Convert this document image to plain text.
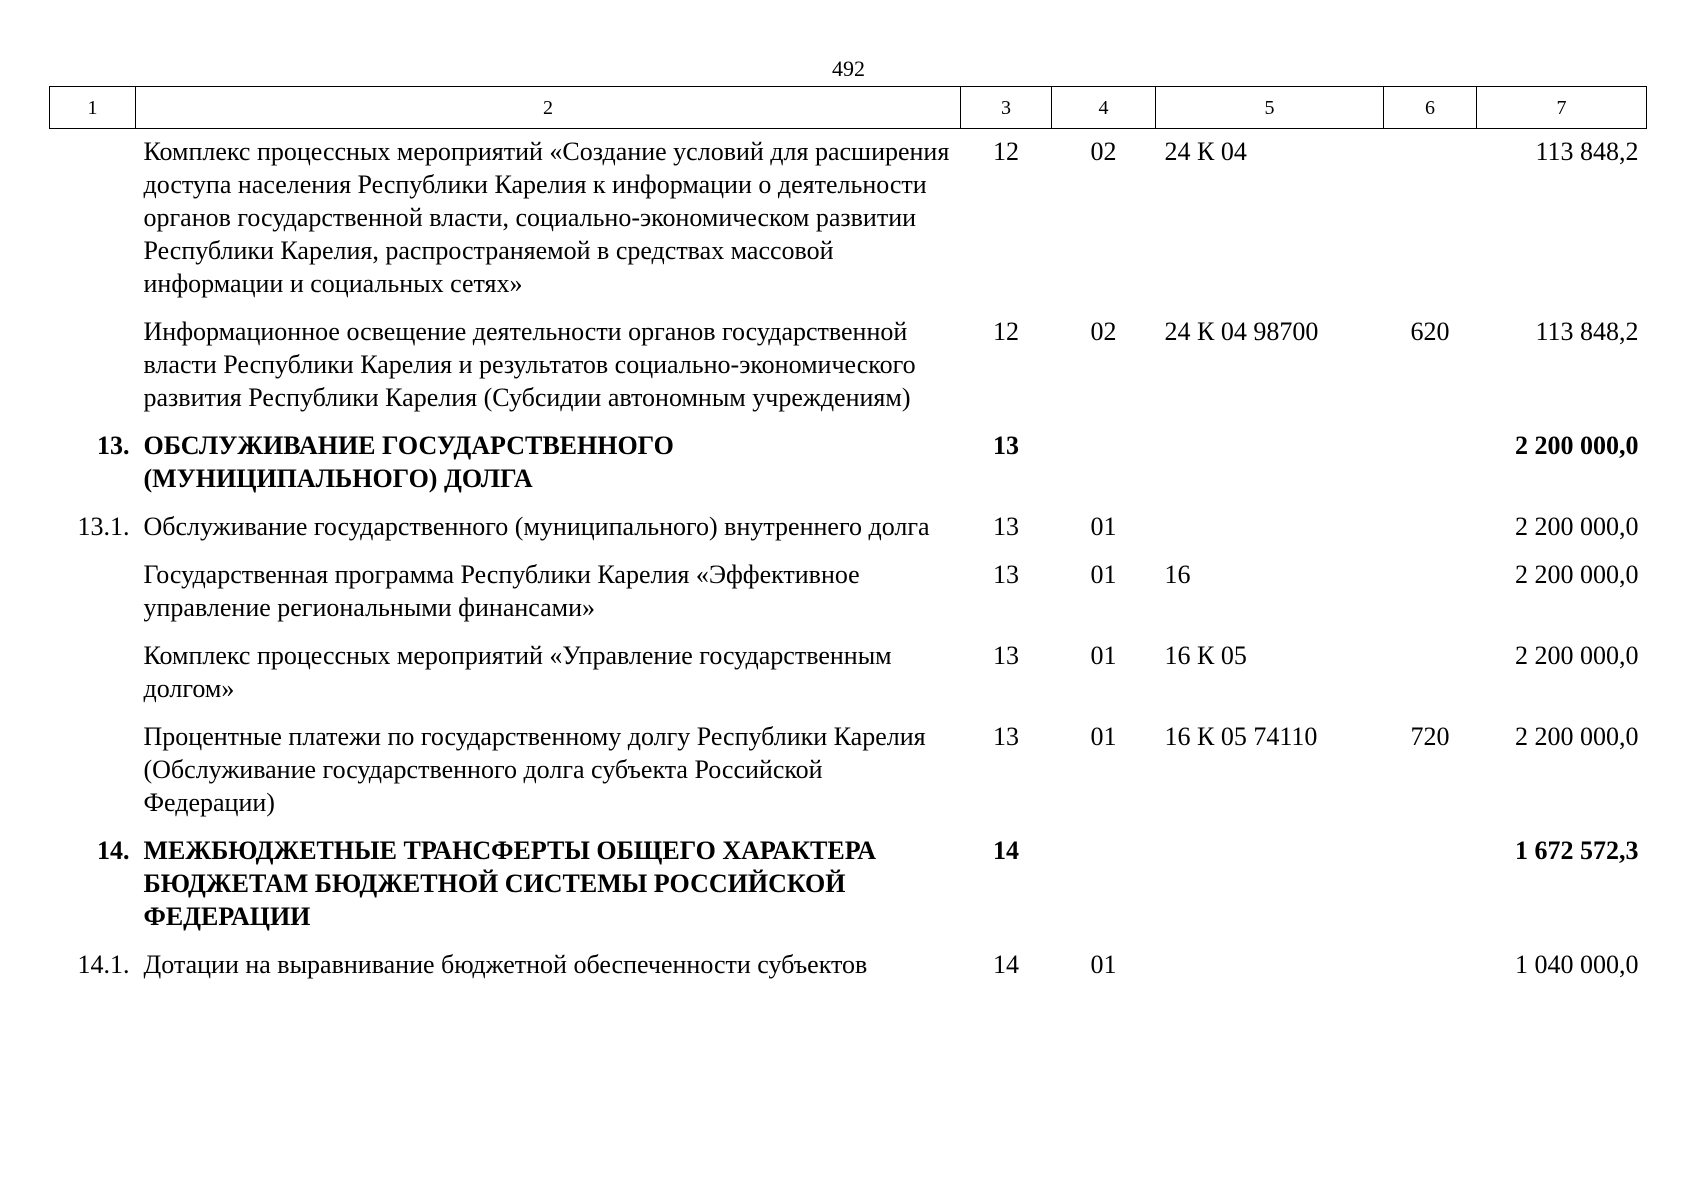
492
1	2	3	4	5	6	7
	Комплекс процессных мероприятий «Создание условий для расширения доступа населения Республики Карелия к информации о деятельности органов государственной власти, социально-экономическом развитии Республики Карелия, распространяемой в средствах массовой информации и социальных сетях»	12	02	24 К 04		113 848,2
	Информационное освещение деятельности органов государственной власти Республики Карелия и результатов социально-экономического развития Республики Карелия (Субсидии автономным учреждениям)	12	02	24 К 04 98700	620	113 848,2
13.	ОБСЛУЖИВАНИЕ ГОСУДАРСТВЕННОГО (МУНИЦИПАЛЬНОГО) ДОЛГА	13				2 200 000,0
13.1.	Обслуживание государственного (муниципального) внутреннего долга	13	01			2 200 000,0
	Государственная программа Республики Карелия «Эффективное управление региональными финансами»	13	01	16		2 200 000,0
	Комплекс процессных мероприятий «Управление государственным долгом»	13	01	16 К 05		2 200 000,0
	Процентные платежи по государственному долгу Республики Карелия (Обслуживание государственного долга субъекта Российской Федерации)	13	01	16 К 05 74110	720	2 200 000,0
14.	МЕЖБЮДЖЕТНЫЕ ТРАНСФЕРТЫ ОБЩЕГО ХАРАКТЕРА БЮДЖЕТАМ БЮДЖЕТНОЙ СИСТЕМЫ РОССИЙСКОЙ ФЕДЕРАЦИИ	14				1 672 572,3
14.1.	Дотации на выравнивание бюджетной обеспеченности субъектов	14	01			1 040 000,0
